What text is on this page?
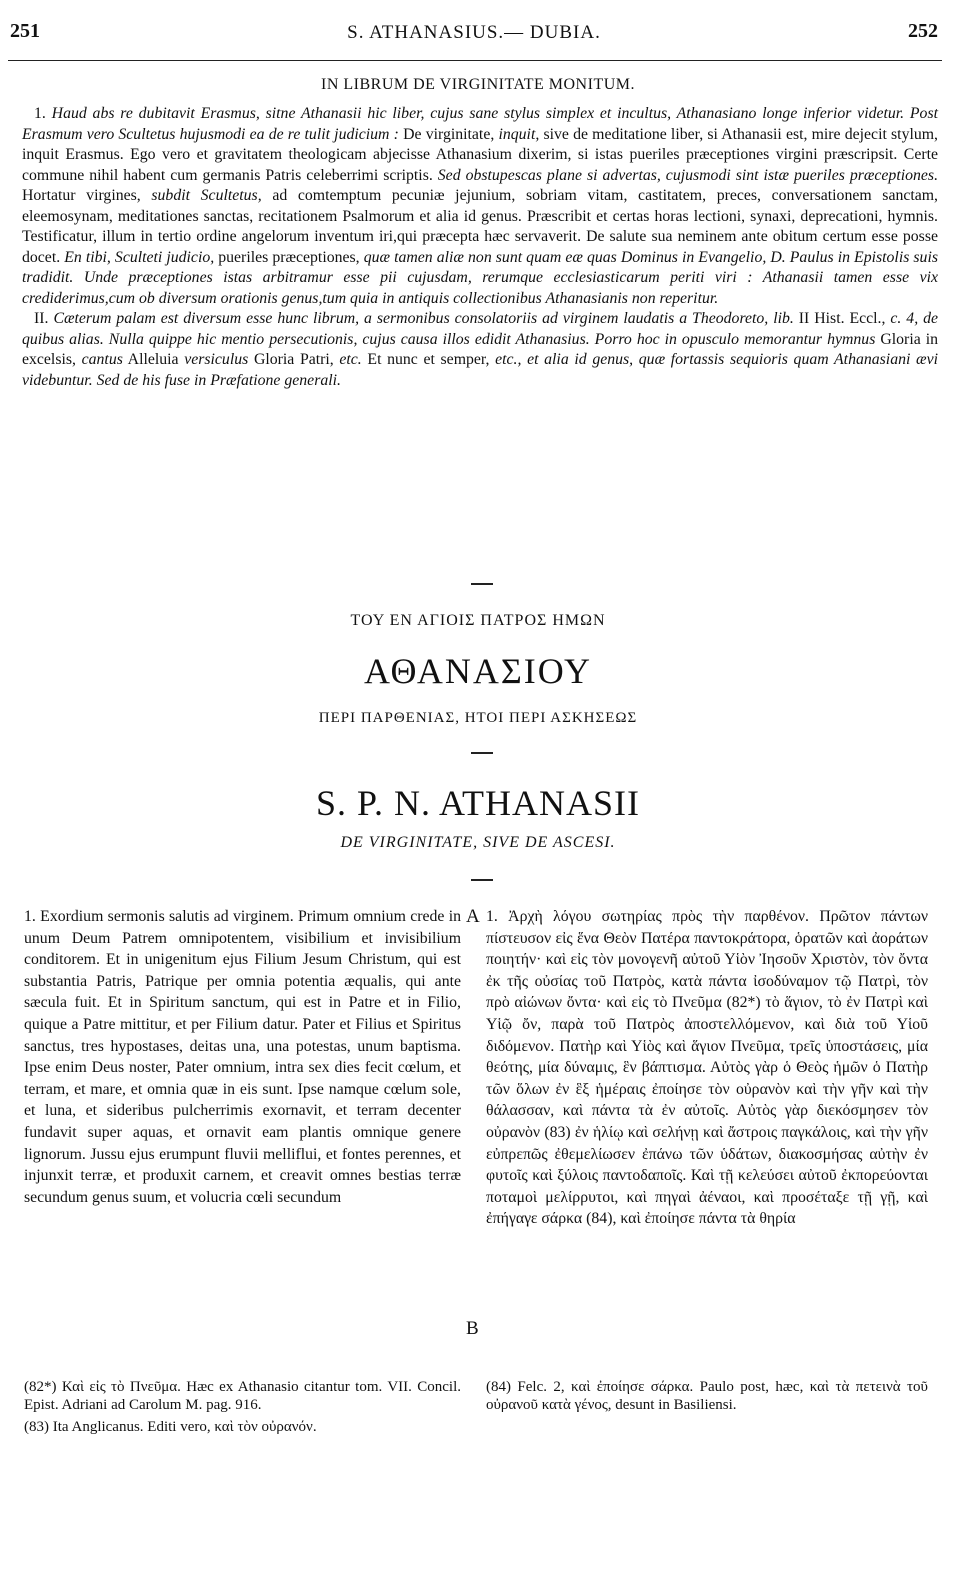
251	S. ATHANASIUS.— DUBIA.	252
IN LIBRUM DE VIRGINITATE MONITUM.

1. Haud abs re dubitavit Erasmus, sitne Athanasii hic liber, cujus sane stylus simplex et incultus, Athanasiano longe inferior videtur. Post Erasmum vero Scultetus hujusmodi ea de re tulit judicium : De virginitate, inquit, sive de meditatione liber, si Athanasii est, mire dejecit stylum, inquit Erasmus. Ego vero et gravitatem theologicam abjecisse Athanasium dixerim, si istas pueriles præceptiones virgini præscripsit. Certe commune nihil habent cum germanis Patris celeberrimi scriptis. Sed obstupescas plane si advertas, cujusmodi sint istæ pueriles præceptiones. Hortatur virgines, subdit Scultetus, ad comtemptum pecuniæ jejunium, sobriam vitam, castitatem, preces, conversationem sanctam, eleemosynam, meditationes sanctas, recitationem Psalmorum et alia id genus. Præscribit et certas horas lectioni, synaxi, deprecationi, hymnis. Testificatur, illum in tertio ordine angelorum inventum iri,qui præcepta hæc servaverit. De salute sua neminem ante obitum certum esse posse docet. En tibi, Sculteti judicio, pueriles præceptiones, quæ tamen aliæ non sunt quam eæ quas Dominus in Evangelio, D. Paulus in Epistolis suis tradidit. Unde præceptiones istas arbitramur esse pii cujusdam, rerumque ecclesiasticarum periti viri : Athanasii tamen esse vix crediderimus,cum ob diversum orationis genus,tum quia in antiquis collectionibus Athanasianis non reperitur.

II. Cæterum palam est diversum esse hunc librum, a sermonibus consolatoriis ad virginem laudatis a Theodoreto, lib. II Hist. Eccl., c. 4, de quibus alias. Nulla quippe hic mentio persecutionis, cujus causa illos edidit Athanasius. Porro hoc in opusculo memorantur hymnus Gloria in excelsis, cantus Alleluia versiculus Gloria Patri, etc. Et nunc et semper, etc., et alia id genus, quæ fortassis sequioris quam Athanasiani ævi videbuntur. Sed de his fuse in Præfatione generali.

ΤΟΥ ΕΝ ΑΓΙΟΙΣ ΠΑΤΡΟΣ ΗΜΩΝ
ΑΘΑΝΑΣΙΟΥ
ΠΕΡΙ ΠΑΡΘΕΝΙΑΣ, ΗΤΟΙ ΠΕΡΙ ΑΣΚΗΣΕΩΣ
S. P. N. ATHANASII
DE VIRGINITATE, SIVE DE ASCESI.
1. Exordium sermonis salutis ad virginem. Primum omnium crede in unum Deum Patrem omnipotentem, visibilium et invisibilium conditorem. Et in unigenitum ejus Filium Jesum Christum, qui est substantia Patris, Patrique per omnia potentia æqualis, qui ante sæcula fuit. Et in Spiritum sanctum, qui est in Patre et in Filio, quique a Patre mittitur, et per Filium datur. Pater et Filius et Spiritus sanctus, tres hypostases, deitas una, una potestas, unum baptisma. Ipse enim Deus noster, Pater omnium, intra sex dies fecit cœlum, et terram, et mare, et omnia quæ in eis sunt. Ipse namque cœlum sole, et luna, et sideribus pulcherrimis exornavit, et terram decenter fundavit super aquas, et ornavit eam plantis omnique genere lignorum. Jussu ejus erumpunt fluvii melliflui, et fontes perennes, et injunxit terræ, et produxit carnem, et creavit omnes bestias terræ secundum genus suum, et volucria cœli secundum
A
B
1. Ἀρχὴ λόγου σωτηρίας πρὸς τὴν παρθένον. Πρῶτον πάντων πίστευσον εἰς ἕνα Θεὸν Πατέρα παντοκράτορα, ὁρατῶν καὶ ἀοράτων ποιητήν· καὶ εἰς τὸν μονογενῆ αὐτοῦ Υἱὸν Ἰησοῦν Χριστὸν, τὸν ὄντα ἐκ τῆς οὐσίας τοῦ Πατρὸς, κατὰ πάντα ἰσοδύναμον τῷ Πατρὶ, τὸν πρὸ αἰώνων ὄντα· καὶ εἰς τὸ Πνεῦμα (82*) τὸ ἅγιον, τὸ ἐν Πατρὶ καὶ Υἱῷ ὄν, παρὰ τοῦ Πατρὸς ἀποστελλόμενον, καὶ διὰ τοῦ Υἱοῦ διδόμενον. Πατὴρ καὶ Υἱὸς καὶ ἅγιον Πνεῦμα, τρεῖς ὑποστάσεις, μία θεότης, μία δύναμις, ἓν βάπτισμα. Αὐτὸς γὰρ ὁ Θεὸς ἡμῶν ὁ Πατὴρ τῶν ὅλων ἐν ἓξ ἡμέραις ἐποίησε τὸν οὐρανὸν καὶ τὴν γῆν καὶ τὴν θάλασσαν, καὶ πάντα τὰ ἐν αὐτοῖς. Αὐτὸς γὰρ διεκόσμησεν τὸν οὐρανὸν (83) ἐν ἡλίῳ καὶ σελήνῃ καὶ ἄστροις παγκάλοις, καὶ τὴν γῆν εὐπρεπῶς ἐθεμελίωσεν ἐπάνω τῶν ὑδάτων, διακοσμήσας αὐτὴν ἐν φυτοῖς καὶ ξύλοις παντοδαποῖς. Καὶ τῇ κελεύσει αὐτοῦ ἐκπορεύονται ποταμοὶ μελίρρυτοι, καὶ πηγαὶ ἀέναοι, καὶ προσέταξε τῇ γῇ, καὶ ἐπήγαγε σάρκα (84), καὶ ἐποίησε πάντα τὰ θηρία

(82*) Καὶ εἰς τὸ Πνεῦμα. Hæc ex Athanasio citantur tom. VII. Concil. Epist. Adriani ad Carolum M. pag. 916.

(83) Ita Anglicanus. Editi vero, καὶ τὸν οὐρανόν.

(84) Felc. 2, καὶ ἐποίησε σάρκα. Paulo post, hæc, καὶ τὰ πετεινὰ τοῦ οὐρανοῦ κατὰ γένος, desunt in Basiliensi.
